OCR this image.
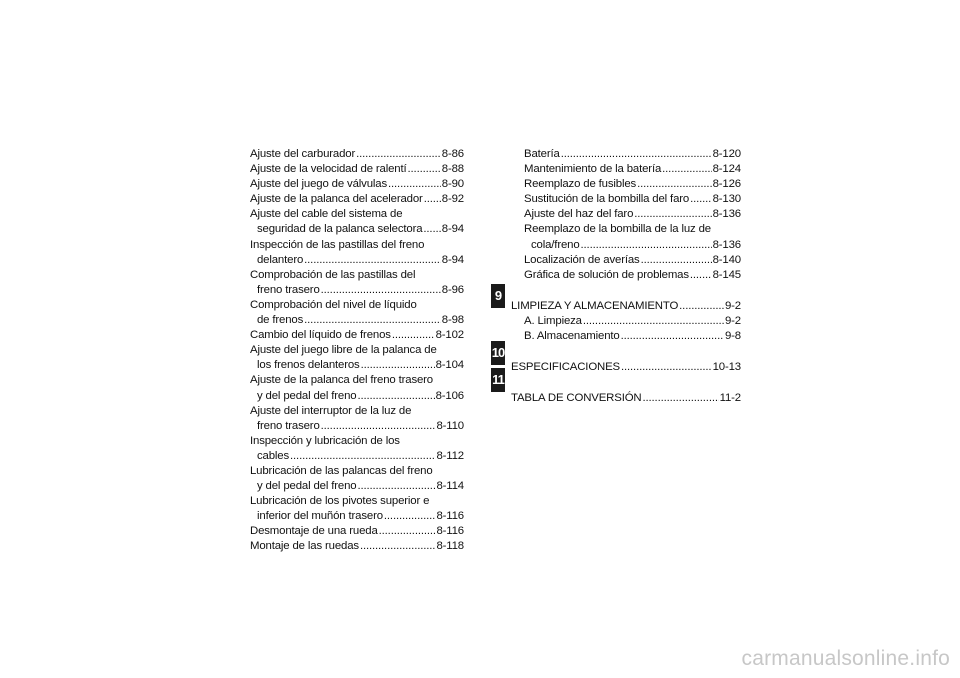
Ajuste del carburador .....	8-86
Ajuste de la velocidad de ralentí .....	8-88
Ajuste del juego de válvulas .....	8-90
Ajuste de la palanca del acelerador ..... 8-92
Ajuste del cable del sistema de
seguridad de la palanca selectora ..... 8-94
Inspección de las pastillas del freno
delantero .....	8-94
Comprobación de las pastillas del
freno trasero .....	8-96
Comprobación del nivel de líquido
de frenos .....	8-98
Cambio del líquido de frenos .....	8-102
Ajuste del juego libre de la palanca de
los frenos delanteros .....	8-104
Ajuste de la palanca del freno trasero
y del pedal del freno .....	8-106
Ajuste del interruptor de la luz de
freno trasero .....	8-110
Inspección y lubricación de los
cables .....	8-112
Lubricación de las palancas del freno
y del pedal del freno .....	8-114
Lubricación de los pivotes superior e
inferior del muñón trasero .....	8-116
Desmontaje de una rueda .....	8-116
Montaje de las ruedas .....	8-118
Batería .....	8-120
Mantenimiento de la batería .....	8-124
Reemplazo de fusibles .....	8-126
Sustitución de la bombilla del faro ..... 8-130
Ajuste del haz del faro .....	8-136
Reemplazo de la bombilla de la luz de
cola/freno .....	8-136
Localización de averías .....	8-140
Gráfica de solución de problemas ..... 8-145
LIMPIEZA Y ALMACENAMIENTO .....	9-2
A. Limpieza .....	9-2
B. Almacenamiento .....	9-8
ESPECIFICACIONES .....	10-13
TABLA DE CONVERSIÓN .....	11-2
9
10
11
carmanualsonline.info
